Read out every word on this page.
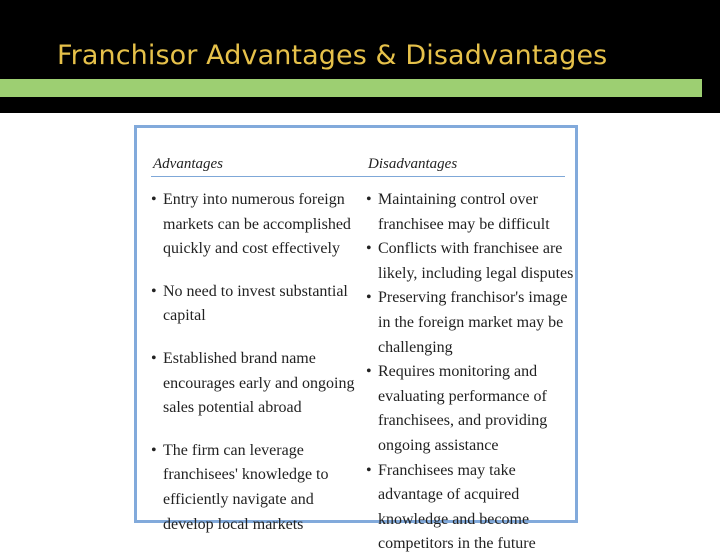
Franchisor Advantages & Disadvantages
Advantages	Disadvantages
• Entry into numerous foreign markets can be accomplished quickly and cost effectively
• No need to invest substantial capital
• Established brand name encourages early and ongoing sales potential abroad
• The firm can leverage franchisees' knowledge to efficiently navigate and develop local markets
• Maintaining control over franchisee may be difficult
• Conflicts with franchisee are likely, including legal disputes
• Preserving franchisor's image in the foreign market may be challenging
• Requires monitoring and evaluating performance of franchisees, and providing ongoing assistance
• Franchisees may take advantage of acquired knowledge and become competitors in the future
